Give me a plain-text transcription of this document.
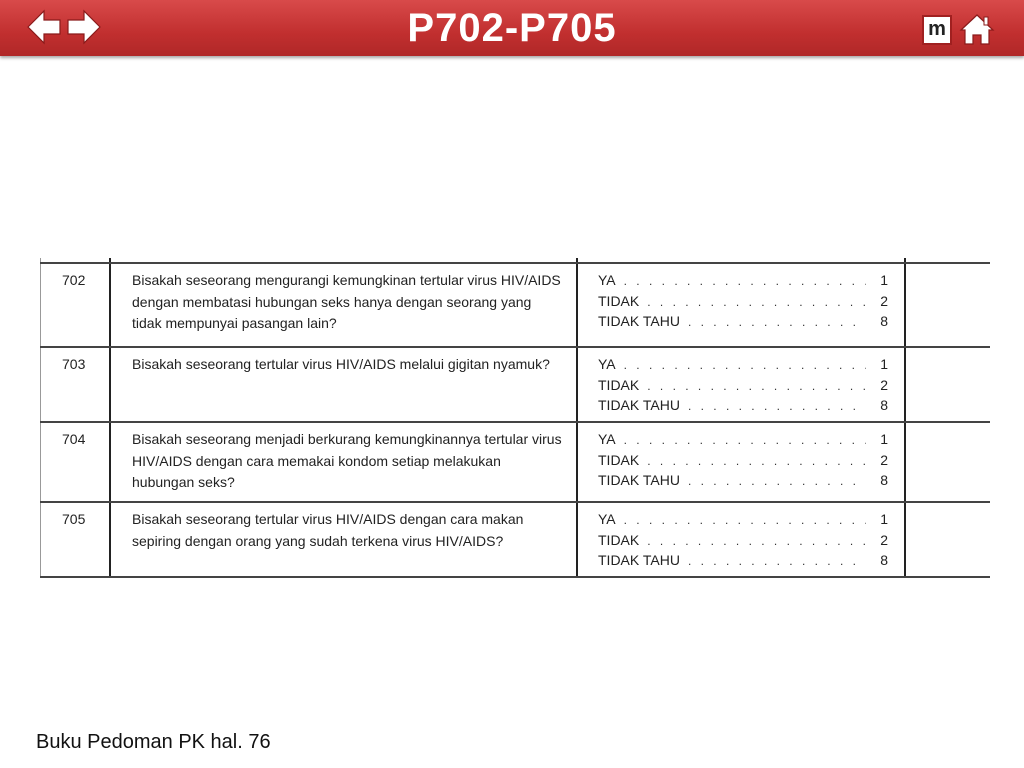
P702-P705	m
702	Bisakah seseorang mengurangi kemungkinan tertular virus HIV/AIDS dengan membatasi hubungan seks hanya dengan seorang yang tidak mempunyai pasangan lain?
YA . . .	1
TIDAK . . .	2
TIDAK TAHU . . .	8
703	Bisakah seseorang tertular virus HIV/AIDS melalui gigitan nyamuk?	YA . . .	1
TIDAK . . .	2
TIDAK TAHU . . .	8
704	Bisakah seseorang menjadi berkurang kemungkinannya tertular virus HIV/AIDS dengan cara memakai kondom setiap melakukan hubungan seks?
YA . . .	1
TIDAK . . .	2
TIDAK TAHU . . .	8
705	Bisakah seseorang tertular virus HIV/AIDS dengan cara makan sepiring dengan orang yang sudah terkena virus HIV/AIDS?
YA . . .	1
TIDAK . . .	2
TIDAK TAHU . . .	8
Buku Pedoman PK hal. 76
